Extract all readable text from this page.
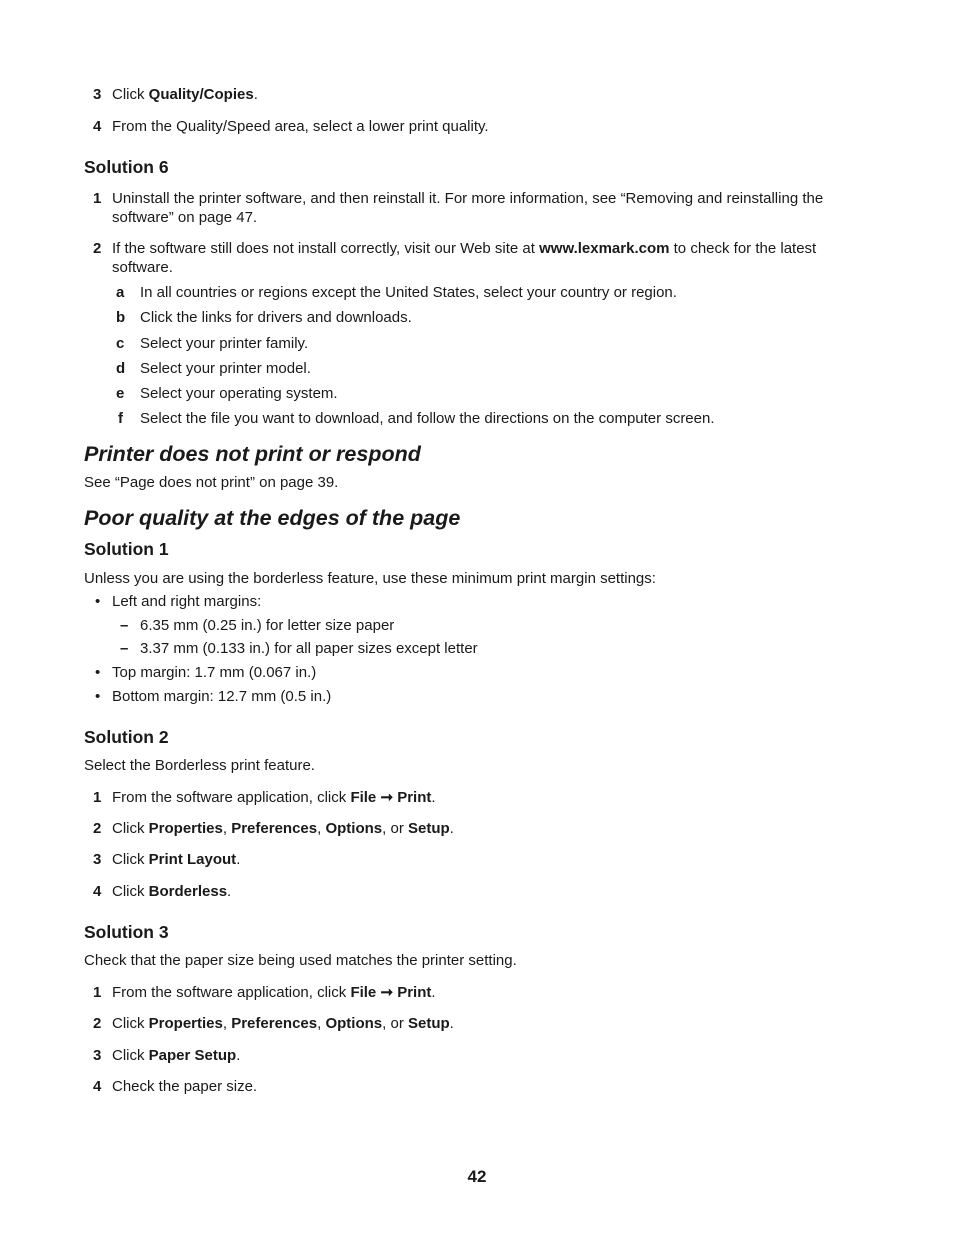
3 Click Quality/Copies.
4 From the Quality/Speed area, select a lower print quality.
Solution 6
1 Uninstall the printer software, and then reinstall it. For more information, see “Removing and reinstalling the
software” on page 47.
2 If the software still does not install correctly, visit our Web site at www.lexmark.com to check for the latest
software.
a In all countries or regions except the United States, select your country or region.
b Click the links for drivers and downloads.
c Select your printer family.
d Select your printer model.
e Select your operating system.
f Select the file you want to download, and follow the directions on the computer screen.
Printer does not print or respond
See “Page does not print” on page 39.
Poor quality at the edges of the page
Solution 1
Unless you are using the borderless feature, use these minimum print margin settings:
• Left and right margins:
– 6.35 mm (0.25 in.) for letter size paper
– 3.37 mm (0.133 in.) for all paper sizes except letter
• Top margin: 1.7 mm (0.067 in.)
• Bottom margin: 12.7 mm (0.5 in.)
Solution 2
Select the Borderless print feature.
1 From the software application, click File ➞ Print.
2 Click Properties, Preferences, Options, or Setup.
3 Click Print Layout.
4 Click Borderless.
Solution 3
Check that the paper size being used matches the printer setting.
1 From the software application, click File ➞ Print.
2 Click Properties, Preferences, Options, or Setup.
3 Click Paper Setup.
4 Check the paper size.
42
